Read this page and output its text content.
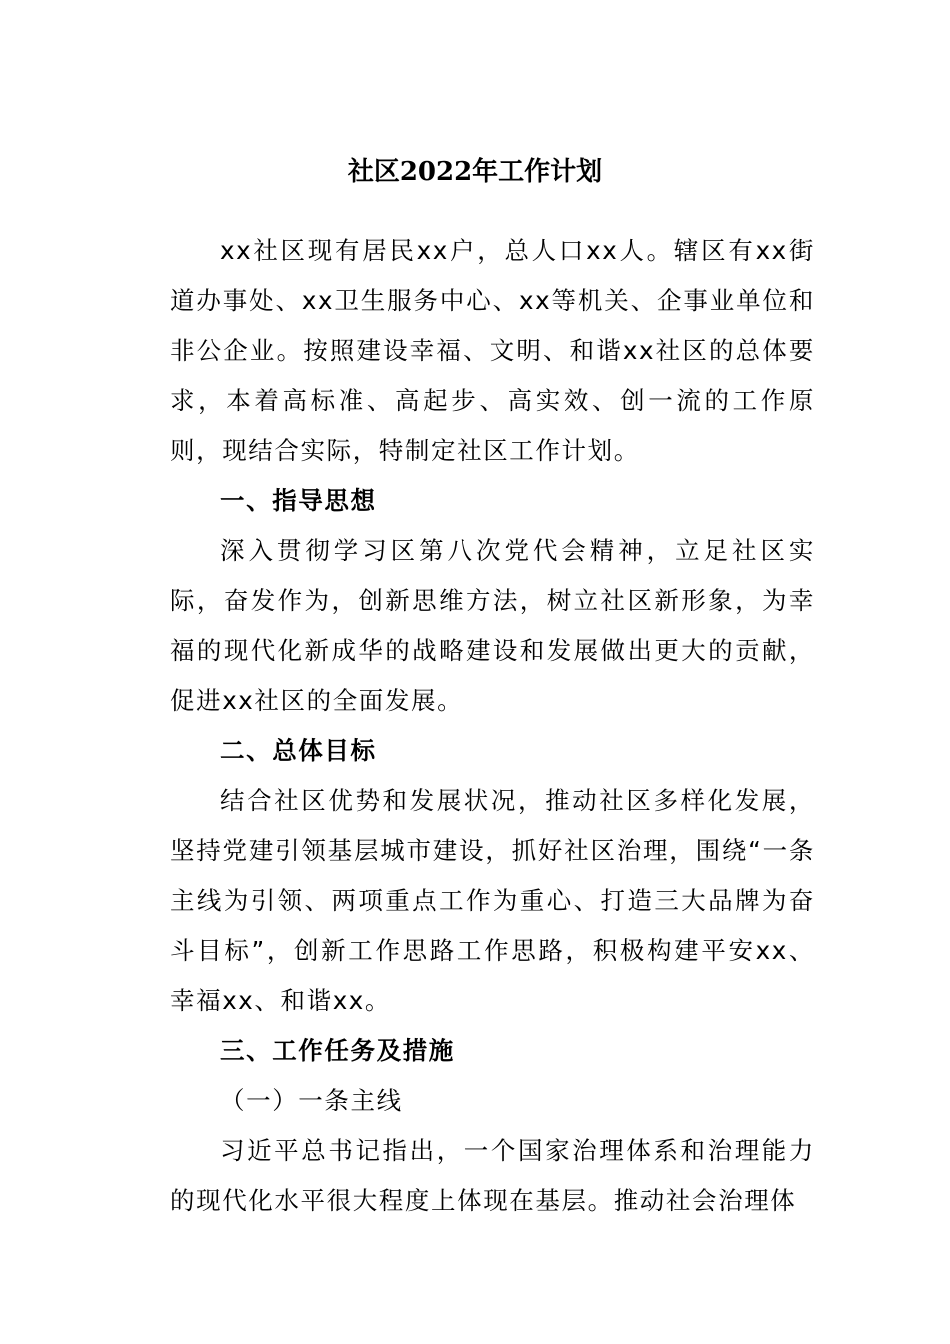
社区2022年工作计划

xx社区现有居民xx户，总人口xx人。辖区有xx街道办事处、xx卫生服务中心、xx等机关、企事业单位和非公企业。按照建设幸福、文明、和谐xx社区的总体要求，本着高标准、高起步、高实效、创一流的工作原则，现结合实际，特制定社区工作计划。

一、指导思想

深入贯彻学习区第八次党代会精神，立足社区实际，奋发作为，创新思维方法，树立社区新形象，为幸福的现代化新成华的战略建设和发展做出更大的贡献，促进xx社区的全面发展。

二、总体目标

结合社区优势和发展状况，推动社区多样化发展，坚持党建引领基层城市建设，抓好社区治理，围绕“一条主线为引领、两项重点工作为重心、打造三大品牌为奋斗目标”，创新工作思路工作思路，积极构建平安xx、幸福xx、和谐xx。

三、工作任务及措施

（一）一条主线

习近平总书记指出，一个国家治理体系和治理能力的现代化水平很大程度上体现在基层。推动社会治理体
